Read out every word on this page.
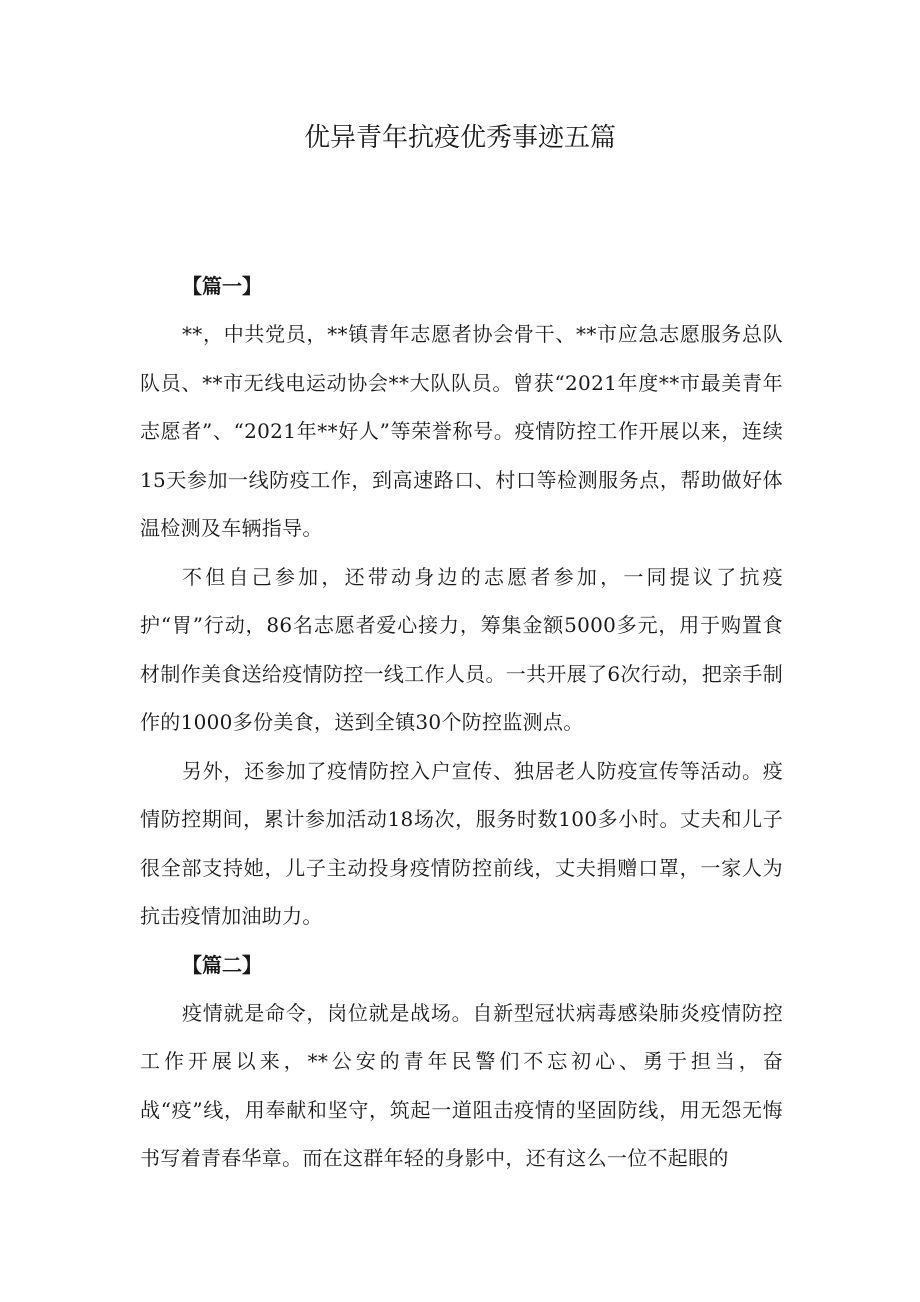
优异青年抗疫优秀事迹五篇

【篇一】

**，中共党员，**镇青年志愿者协会骨干、**市应急志愿服务总队队员、**市无线电运动协会**大队队员。曾获“2021年度**市最美青年志愿者”、“2021年**好人”等荣誉称号。疫情防控工作开展以来，连续15天参加一线防疫工作，到高速路口、村口等检测服务点，帮助做好体温检测及车辆指导。

不但自己参加，还带动身边的志愿者参加，一同提议了抗疫护“胃”行动，86名志愿者爱心接力，筹集金额5000多元，用于购置食材制作美食送给疫情防控一线工作人员。一共开展了6次行动，把亲手制作的1000多份美食，送到全镇30个防控监测点。

另外，还参加了疫情防控入户宣传、独居老人防疫宣传等活动。疫情防控期间，累计参加活动18场次，服务时数100多小时。丈夫和儿子很全部支持她，儿子主动投身疫情防控前线，丈夫捐赠口罩，一家人为抗击疫情加油助力。

【篇二】

疫情就是命令，岗位就是战场。自新型冠状病毒感染肺炎疫情防控工作开展以来，**公安的青年民警们不忘初心、勇于担当，奋战“疫”线，用奉献和坚守，筑起一道阻击疫情的坚固防线，用无怨无悔书写着青春华章。而在这群年轻的身影中，还有这么一位不起眼的
